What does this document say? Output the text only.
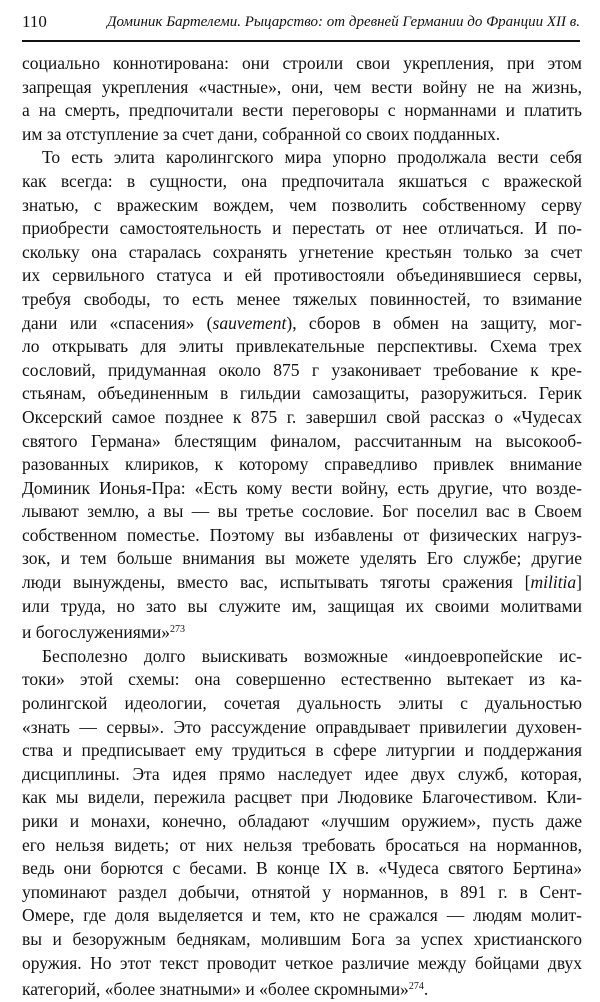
110	Доминик Бартелеми. Рыцарство: от древней Германии до Франции XII в.
социально коннотирована: они строили свои укрепления, при этом
запрещая укрепления «частные», они, чем вести войну не на жизнь,
а на смерть, предпочитали вести переговоры с норманнами и платить
им за отступление за счет дани, собранной со своих подданных.
То есть элита каролингского мира упорно продолжала вести себя
как всегда: в сущности, она предпочитала якшаться с вражеской
знатью, с вражеским вождем, чем позволить собственному серву
приобрести самостоятельность и перестать от нее отличаться. И по-
скольку она старалась сохранять угнетение крестьян только за счет
их сервильного статуса и ей противостояли объединявшиеся сервы,
требуя свободы, то есть менее тяжелых повинностей, то взимание
дани или «спасения» (sauvement), сборов в обмен на защиту, мог-
ло открывать для элиты привлекательные перспективы. Схема трех
сословий, придуманная около 875 г узаконивает требование к кре-
стьянам, объединенным в гильдии самозащиты, разоружиться. Герик
Оксерский самое позднее к 875 г. завершил свой рассказ о «Чудесах
святого Германа» блестящим финалом, рассчитанным на высокооб-
разованных клириков, к которому справедливо привлек внимание
Доминик Ионья-Пра: «Есть кому вести войну, есть другие, что возде-
лывают землю, а вы — вы третье сословие. Бог поселил вас в Своем
собственном поместье. Поэтому вы избавлены от физических нагруз-
зок, и тем больше внимания вы можете уделять Его службе; другие
люди вынуждены, вместо вас, испытывать тяготы сражения [militia]
или труда, но зато вы служите им, защищая их своими молитвами
и богослужениями»$^{273}$
Бесполезно долго выискивать возможные «индоевропейские ис-
токи» этой схемы: она совершенно естественно вытекает из ка-
ролингской идеологии, сочетая дуальность элиты с дуальностью
«знать — сервы». Это рассуждение оправдывает привилегии духовен-
ства и предписывает ему трудиться в сфере литургии и поддержания
дисциплины. Эта идея прямо наследует идее двух служб, которая,
как мы видели, пережила расцвет при Людовике Благочестивом. Кли-
рики и монахи, конечно, обладают «лучшим оружием», пусть даже
его нельзя видеть; от них нельзя требовать бросаться на норманнов,
ведь они борются с бесами. В конце IX в. «Чудеса святого Бертина»
упоминают раздел добычи, отнятой у норманнов, в 891 г. в Сент-
Омере, где доля выделяется и тем, кто не сражался — людям молит-
вы и безоружным беднякам, молившим Бога за успех христианского
оружия. Но этот текст проводит четкое различие между бойцами двух
категорий, «более знатными» и «более скромными»$^{274}$.
